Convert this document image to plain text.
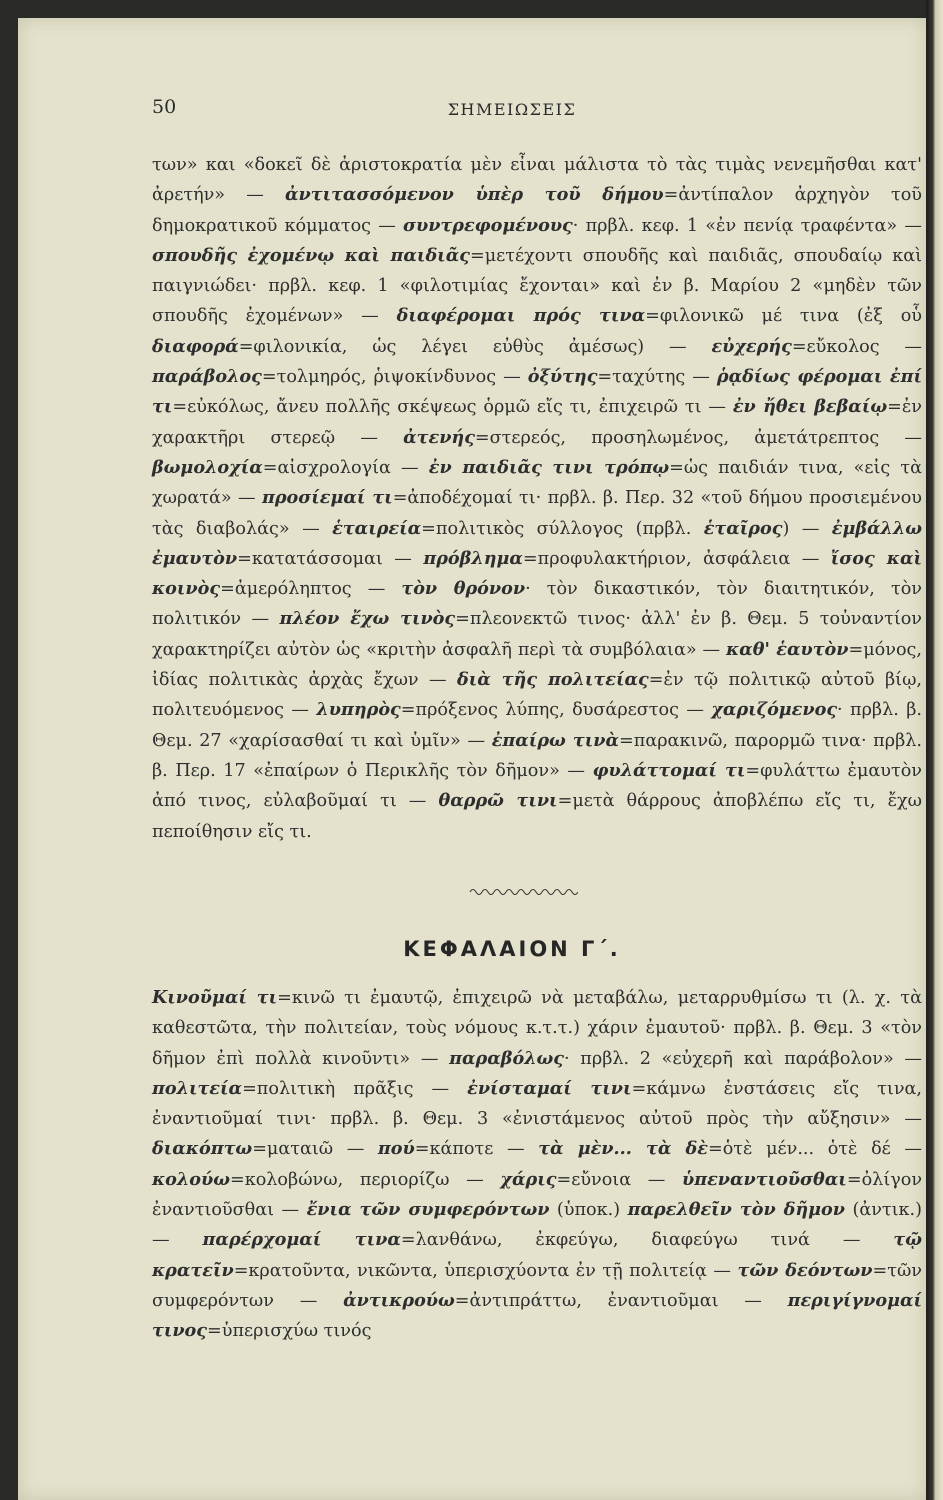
50	ΣΗΜΕΙΩΣΕΙΣ

των» και «δοκεῖ δὲ ἀριστοκρατία μὲν εἶναι μάλιστα τὸ τὰς τιμὰς νενεμῆσθαι κατ' ἀρετήν» — ἀντιτασσόμενον ὑπὲρ τοῦ δήμου=ἀντίπαλον ἀρχηγὸν τοῦ δημοκρατικοῦ κόμματος — συντρεφομένους· πρβλ. κεφ. 1 «ἐν πενίᾳ τραφέντα» — σπουδῆς ἐχομένῳ καὶ παιδιᾶς=μετέχοντι σπουδῆς καὶ παιδιᾶς, σπουδαίῳ καὶ παιγνιώδει· πρβλ. κεφ. 1 «φιλοτιμίας ἔχονται» καὶ ἐν β. Μαρίου 2 «μηδὲν τῶν σπουδῆς ἐχομένων» — διαφέρομαι πρός τινα=φιλονικῶ μέ τινα (ἐξ οὗ διαφορά=φιλονικία, ὡς λέγει εὐθὺς ἀμέσως) — εὐχερής=εὔκολος — παράβολος=τολμηρός, ῥιψοκίνδυνος — ὀξύτης=ταχύτης — ῥᾳδίως φέρομαι ἐπί τι=εὐκόλως, ἄνευ πολλῆς σκέψεως ὁρμῶ εἴς τι, ἐπιχειρῶ τι — ἐν ἤθει βεβαίῳ=ἐν χαρακτῆρι στερεῷ — ἀτενής=στερεός, προσηλωμένος, ἀμετάτρεπτος — βωμολοχία=αἰσχρολογία — ἐν παιδιᾶς τινι τρόπῳ=ὡς παιδιάν τινα, «εἰς τὰ χωρατά» — προσίεμαί τι=ἀποδέχομαί τι· πρβλ. β. Περ. 32 «τοῦ δήμου προσιεμένου τὰς διαβολάς» — ἑταιρεία=πολιτικὸς σύλλογος (πρβλ. ἑταῖρος) — ἐμβάλλω ἐμαυτὸν=κατατάσσομαι — πρόβλημα=προφυλακτήριον, ἀσφάλεια — ἴσος καὶ κοινὸς=ἀμερόληπτος — τὸν θρόνον· τὸν δικαστικόν, τὸν διαιτητικόν, τὸν πολιτικόν — πλέον ἔχω τινὸς=πλεονεκτῶ τινος· ἀλλ' ἐν β. Θεμ. 5 τοὐναντίον χαρακτηρίζει αὐτὸν ὡς «κριτὴν ἀσφαλῆ περὶ τὰ συμβόλαια» — καθ' ἑαυτὸν=μόνος, ἰδίας πολιτικὰς ἀρχὰς ἔχων — διὰ τῆς πολιτείας=ἐν τῷ πολιτικῷ αὐτοῦ βίῳ, πολιτευόμενος — λυπηρὸς=πρόξενος λύπης, δυσάρεστος — χαριζόμενος· πρβλ. β. Θεμ. 27 «χαρίσασθαί τι καὶ ὑμῖν» — ἐπαίρω τινὰ=παρακινῶ, παρορμῶ τινα· πρβλ. β. Περ. 17 «ἐπαίρων ὁ Περικλῆς τὸν δῆμον» — φυλάττομαί τι=φυλάττω ἐμαυτὸν ἀπό τινος, εὐλαβοῦμαί τι — θαρρῶ τινι=μετὰ θάρρους ἀποβλέπω εἴς τι, ἔχω πεποίθησιν εἴς τι.

ΚΕΦΑΛΑΙΟΝ Γ΄.

Κινοῦμαί τι=κινῶ τι ἐμαυτῷ, ἐπιχειρῶ νὰ μεταβάλω, μεταρρυθμίσω τι (λ. χ. τὰ καθεστῶτα, τὴν πολιτείαν, τοὺς νόμους κ.τ.τ.) χάριν ἐμαυτοῦ· πρβλ. β. Θεμ. 3 «τὸν δῆμον ἐπὶ πολλὰ κινοῦντι» — παραβόλως· πρβλ. 2 «εὐχερῆ καὶ παράβολον» — πολιτεία=πολιτικὴ πρᾶξις — ἐνίσταμαί τινι=κάμνω ἐνστάσεις εἴς τινα, ἐναντιοῦμαί τινι· πρβλ. β. Θεμ. 3 «ἐνιστάμενος αὐτοῦ πρὸς τὴν αὔξησιν» — διακόπτω=ματαιῶ — πού=κάποτε — τὰ μὲν... τὰ δὲ=ὁτὲ μέν... ὁτὲ δέ — κολούω=κολοβώνω, περιορίζω — χάρις=εὔνοια — ὑπεναντιοῦσθαι=ὀλίγον ἐναντιοῦσθαι — ἔνια τῶν συμφερόντων (ὑποκ.) παρελθεῖν τὸν δῆμον (ἀντικ.) — παρέρχομαί τινα=λανθάνω, ἐκφεύγω, διαφεύγω τινά — τῷ κρατεῖν=κρατοῦντα, νικῶντα, ὑπερισχύοντα ἐν τῇ πολιτείᾳ — τῶν δεόντων=τῶν συμφερόντων — ἀντικρούω=ἀντιπράττω, ἐναντιοῦμαι — περιγίγνομαί τινος=ὑπερισχύω τινός
